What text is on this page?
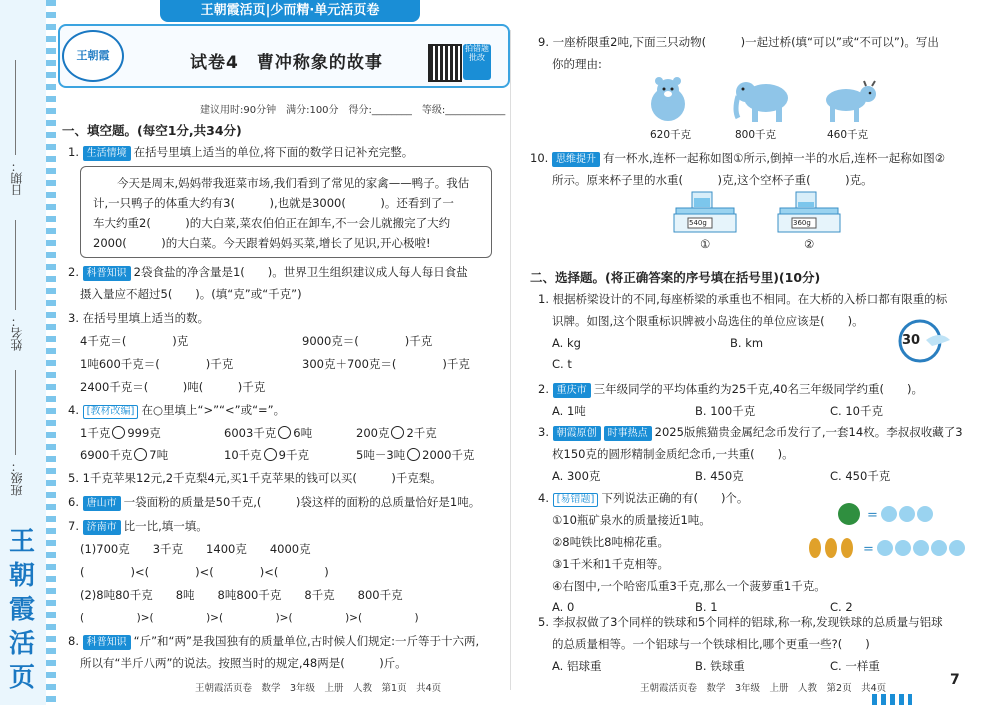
日期：
姓名：
班级：
王朝霞活页
王朝霞活页|少而精·单元活页卷
王朝霞	试卷4　曹冲称象的故事
拍错题批改
建议用时:90分钟　满分:100分　得分:________　等级:____________
一、填空题。(每空1分,共34分)
1. 生活情境 在括号里填上适当的单位,将下面的数学日记补充完整。
今天是周末,妈妈带我逛菜市场,我们看到了常见的家禽——鸭子。我估
计,一只鸭子的体重大约有3(　　　),也就是3000(　　　)。还看到了一
车大约重2(　　　)的大白菜,菜农伯伯正在卸车,不一会儿就搬完了大约
2000(　　　)的大白菜。今天跟着妈妈买菜,增长了见识,开心极啦!
2. 科普知识 2袋食盐的净含量是1(　　)。世界卫生组织建议成人每人每日食盐
摄入量应不超过5(　　)。(填“克”或“千克”)
3. 在括号里填上适当的数。
4千克＝(　　　　)克	9000克＝(　　　　)千克
1吨600千克＝(　　　　)千克	300克＋700克＝(　　　　)千克
2400千克＝(　　　)吨(　　　)千克
4. [教材改编] 在○里填上“>”“<”或“=”。
1千克 999克	6003千克 6吨	200克 2千克
6900千克 7吨	10千克 9千克	5吨－3吨 2000千克
5. 1千克苹果12元,2千克梨4元,买1千克苹果的钱可以买(　　　)千克梨。
6. 唐山市 一袋面粉的质量是50千克,(　　　)袋这样的面粉的总质量恰好是1吨。
7. 济南市 比一比,填一填。
(1)700克　　3千克　　1400克　　4000克
(　　　　)<(　　　　)<(　　　　)<(　　　　)
(2)8吨80千克　　8吨　　8吨800千克　　8千克　　800千克
(　　　　　)>(　　　　　)>(　　　　　)>(　　　　　)>(　　　　　)
8. 科普知识 “斤”和“两”是我国独有的质量单位,古时候人们规定:一斤等于十六两,
所以有“半斤八两”的说法。按照当时的规定,48两是(　　　)斤。
王朝霞活页卷　数学　3年级　上册　人教　第1页　共4页
9. 一座桥限重2吨,下面三只动物(　　　)一起过桥(填“可以”或“不可以”)。写出
你的理由:
620千克	800千克	460千克
10. 思维提升 有一杯水,连杯一起称如图①所示,倒掉一半的水后,连杯一起称如图②
所示。原来杯子里的水重(　　　)克,这个空杯子重(　　　)克。
540g
①
360g
②
二、选择题。(将正确答案的序号填在括号里)(10分)
1. 根据桥梁设计的不同,每座桥梁的承重也不相同。在大桥的入桥口都有限重的标
识牌。如图,这个限重标识牌被小岛选住的单位应该是(　　)。
A. kg	B. km
C. t
30
2. 重庆市 三年级同学的平均体重约为25千克,40名三年级同学约重(　　)。
A. 1吨	B. 100千克	C. 10千克
3. 朝霞原创 时事热点 2025版熊猫贵金属纪念币发行了,一套14枚。李叔叔收藏了3
枚150克的圆形精制金质纪念币,一共重(　　)。
A. 300克	B. 450克	C. 450千克
4. [易错题] 下列说法正确的有(　　)个。
①10瓶矿泉水的质量接近1吨。
②8吨铁比8吨棉花重。
③1千米和1千克相等。
④右图中,一个哈密瓜重3千克,那么一个菠萝重1千克。
A. 0	B. 1	C. 2
=
=
5. 李叔叔做了3个同样的铁球和5个同样的铝球,称一称,发现铁球的总质量与铝球
的总质量相等。一个铝球与一个铁球相比,哪个更重一些?(　　)
A. 铝球重	B. 铁球重	C. 一样重
王朝霞活页卷　数学　3年级　上册　人教　第2页　共4页
7
